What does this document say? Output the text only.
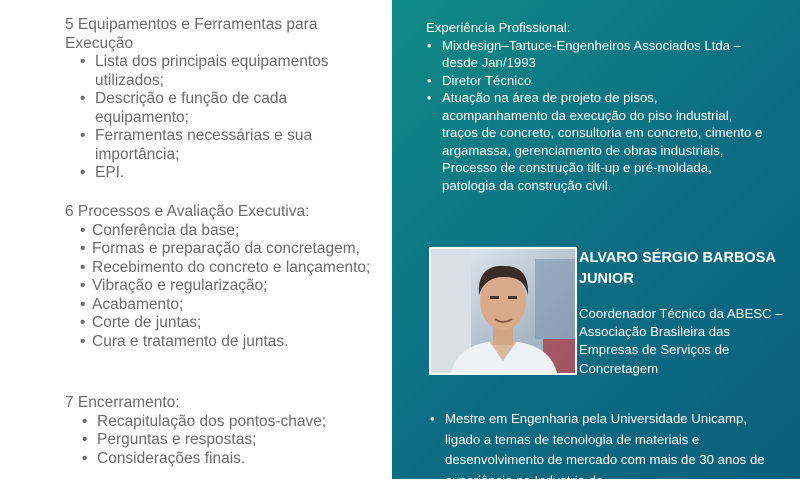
5 Equipamentos e Ferramentas para Execução

• Lista dos principais equipamentos utilizados;
• Descrição e função de cada equipamento;
• Ferramentas necessárias e sua importância;
• EPI.

6 Processos e Avaliação Executiva:

• Conferência da base;
• Formas e preparação da concretagem,
• Recebimento do concreto e lançamento;
• Vibração e regularização;
• Acabamento;
• Corte de juntas;
• Cura e tratamento de juntas.

7 Encerramento:

• Recapitulação dos pontos-chave;
• Perguntas e respostas;
• Considerações finais.
Experiência Profissional:
• Mixdesign–Tartuce-Engenheiros Associados Ltda – desde Jan/1993
• Diretor Técnico
• Atuação na área de projeto de pisos, acompanhamento da execução do piso industrial, traços de concreto, consultoria em concreto, cimento e argamassa, gerenciamento de obras industriais, Processo de construção tilt-up e pré-moldada, patologia da construção civil.
ALVARO SÉRGIO BARBOSA JUNIOR
Coordenador Técnico da ABESC – Associação Brasileira das Empresas de Serviços de Concretagem
• Mestre em Engenharia pela Universidade Unicamp, ligado a temas de tecnologia de materiais e desenvolvimento de mercado com mais de 30 anos de experiência na Industria de
